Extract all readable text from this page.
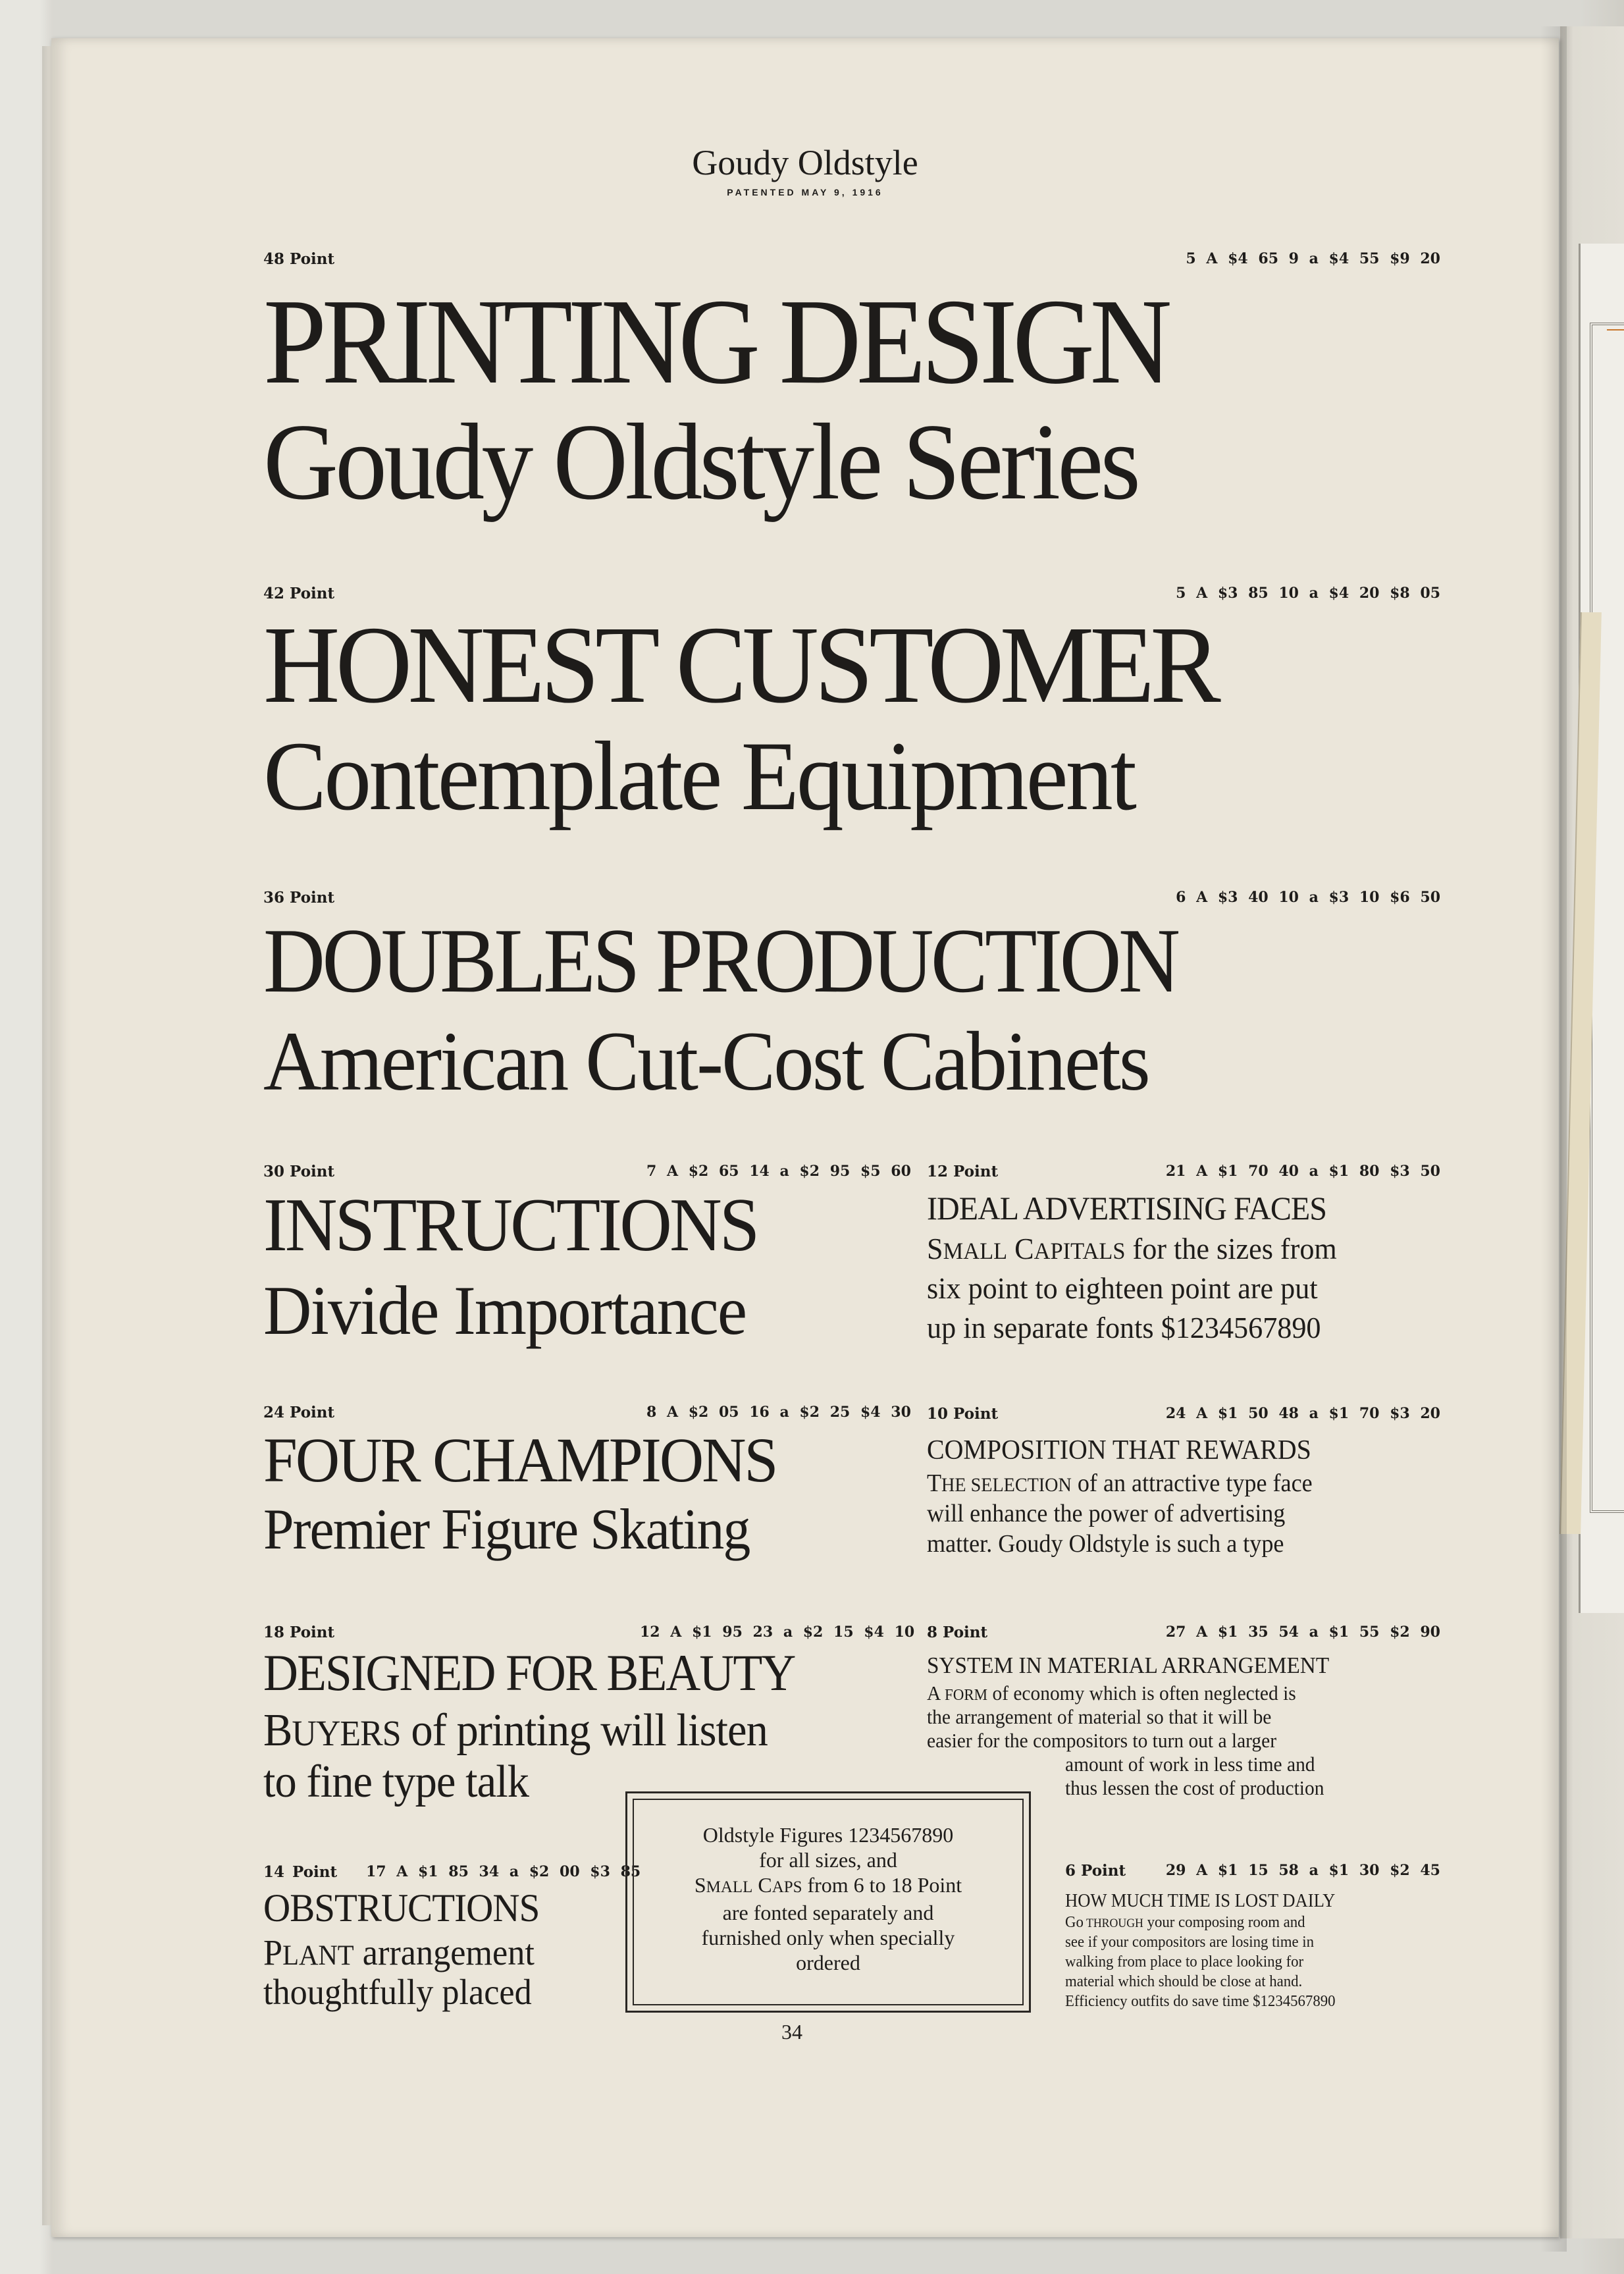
Goudy Oldstyle
PATENTED MAY 9, 1916
48 Point	5 A $4 65 9 a $4 55 $9 20
PRINTING DESIGN
Goudy Oldstyle Series
42 Point	5 A $3 85 10 a $4 20 $8 05
HONEST CUSTOMER
Contemplate Equipment
36 Point	6 A $3 40 10 a $3 10 $6 50
DOUBLES PRODUCTION
American Cut-Cost Cabinets
30 Point	7 A $2 65 14 a $2 95 $5 60
INSTRUCTIONS
Divide Importance
24 Point	8 A $2 05 16 a $2 25 $4 30
FOUR CHAMPIONS
Premier Figure Skating
18 Point	12 A $1 95 23 a $2 15 $4 10
DESIGNED FOR BEAUTY
BUYERS of printing will listen
to fine type talk
14 Point 17 A $1 85 34 a $2 00 $3 85
OBSTRUCTIONS
PLANT arrangement
thoughtfully placed
12 Point	21 A $1 70 40 a $1 80 $3 50
IDEAL ADVERTISING FACES
SMALL CAPITALS for the sizes from
six point to eighteen point are put
up in separate fonts $1234567890
10 Point	24 A $1 50 48 a $1 70 $3 20
COMPOSITION THAT REWARDS
THE SELECTION of an attractive type face
will enhance the power of advertising
matter. Goudy Oldstyle is such a type
8 Point	27 A $1 35 54 a $1 55 $2 90
SYSTEM IN MATERIAL ARRANGEMENT
A FORM of economy which is often neglected is
the arrangement of material so that it will be
easier for the compositors to turn out a larger
amount of work in less time and
thus lessen the cost of production
6 Point	29 A $1 15 58 a $1 30 $2 45
HOW MUCH TIME IS LOST DAILY
Go THROUGH your composing room and
see if your compositors are losing time in
walking from place to place looking for
material which should be close at hand.
Efficiency outfits do save time $1234567890
Oldstyle Figures 1234567890
for all sizes, and
SMALL CAPS from 6 to 18 Point
are fonted separately and
furnished only when specially
ordered
34
